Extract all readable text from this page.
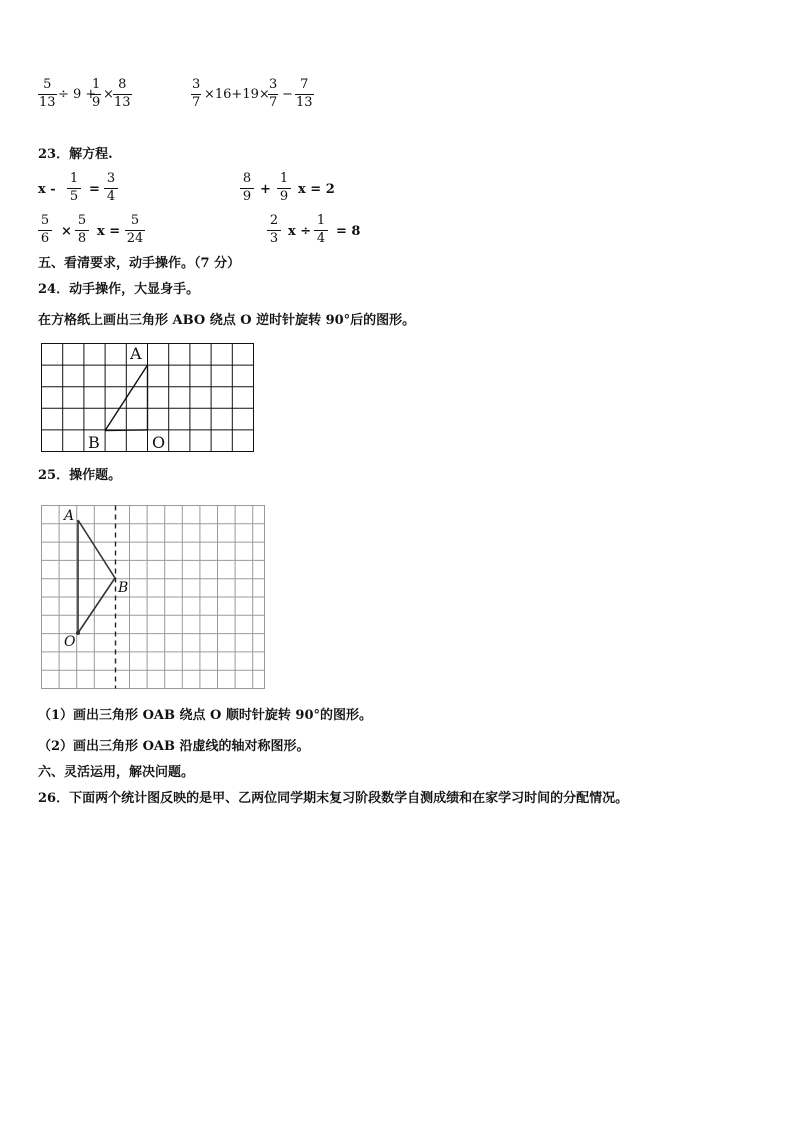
5
13
÷ 9 +
1
9
×
8
13
3
7
×16+19×
3
7
−
7
13
23．解方程.
x -
1
5 =
3
4
8
9 +
1
9 x = 2
5
6 ×
5
8 x =
5
24
2
3 x ÷
1
4 = 8
五、看清要求，动手操作。（7 分）
24．动手操作，大显身手。
在方格纸上画出三角形 ABO 绕点 O 逆时针旋转 90°后的图形。
A
B	O
25．操作题。
A
B
O
（1）画出三角形 OAB 绕点 O 顺时针旋转 90°的图形。
（2）画出三角形 OAB 沿虚线的轴对称图形。
六、灵活运用，解决问题。
26．下面两个统计图反映的是甲、乙两位同学期末复习阶段数学自测成绩和在家学习时间的分配情况。
